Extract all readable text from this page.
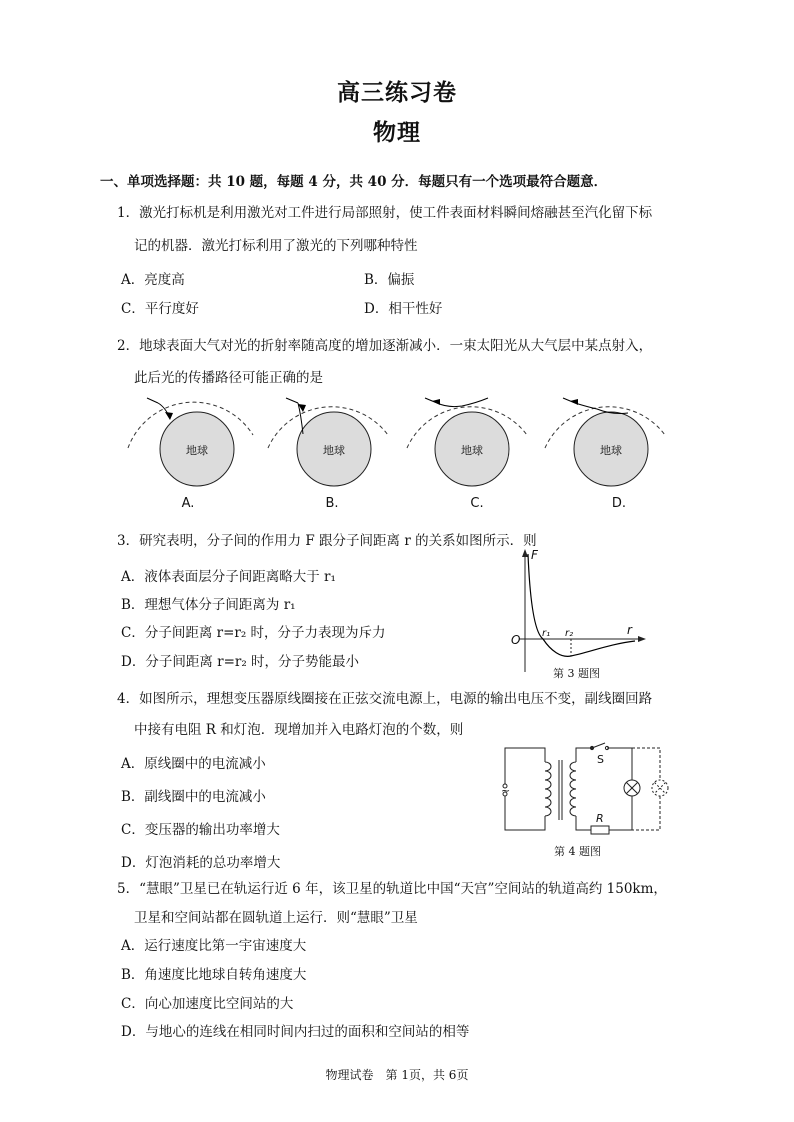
高三练习卷
物理
一、单项选择题：共 10 题，每题 4 分，共 40 分．每题只有一个选项最符合题意．
1．激光打标机是利用激光对工件进行局部照射，使工件表面材料瞬间熔融甚至汽化留下标
记的机器．激光打标利用了激光的下列哪种特性
A．亮度高	B．偏振
C．平行度好	D．相干性好
2．地球表面大气对光的折射率随高度的增加逐渐减小．一束太阳光从大气层中某点射入，
此后光的传播路径可能正确的是
地球	地球	地球	地球
A.	B.	C.	D.
3．研究表明，分子间的作用力 F 跟分子间距离 r 的关系如图所示．则
A．液体表面层分子间距离略大于 r₁
B．理想气体分子间距离为 r₁
C．分子间距离 r=r₂ 时，分子力表现为斥力
D．分子间距离 r=r₂ 时，分子势能最小
F
r
O r₁ r₂
第 3 题图
4．如图所示，理想变压器原线圈接在正弦交流电源上，电源的输出电压不变，副线圈回路
中接有电阻 R 和灯泡．现增加并入电路灯泡的个数，则
A．原线圈中的电流减小
B．副线圈中的电流减小
C．变压器的输出功率增大
D．灯泡消耗的总功率增大
~
S
R
第 4 题图
5．“慧眼”卫星已在轨运行近 6 年，该卫星的轨道比中国“天宫”空间站的轨道高约 150km，
卫星和空间站都在圆轨道上运行．则“慧眼”卫星
A．运行速度比第一宇宙速度大
B．角速度比地球自转角速度大
C．向心加速度比空间站的大
D．与地心的连线在相同时间内扫过的面积和空间站的相等
物理试卷　第 1页，共 6页
